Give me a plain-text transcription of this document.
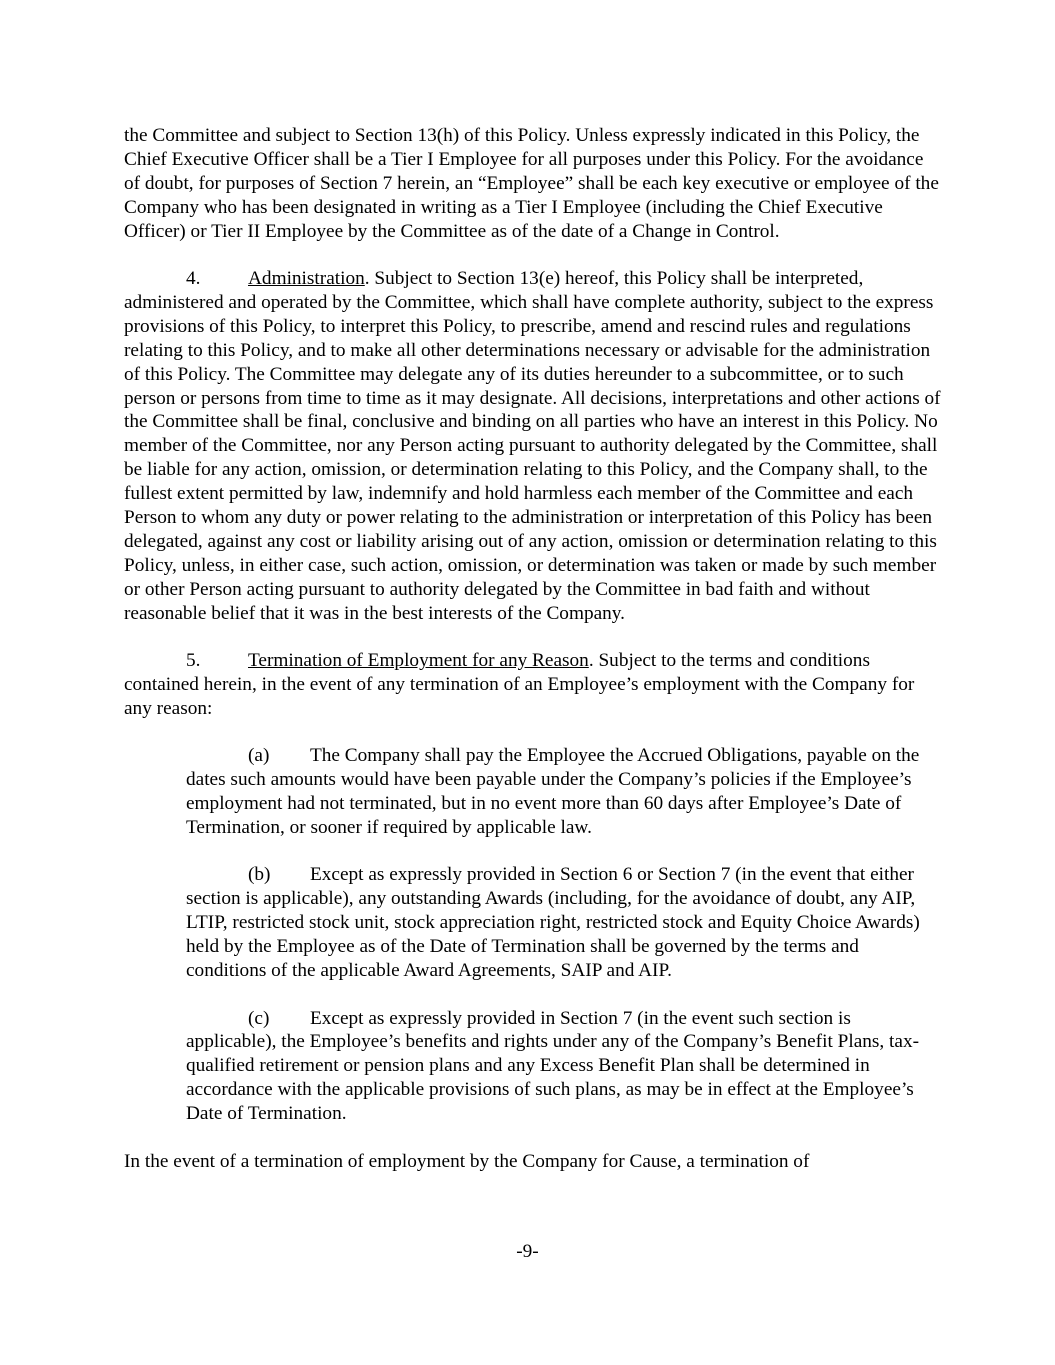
the Committee and subject to Section 13(h) of this Policy. Unless expressly indicated in this Policy, the Chief Executive Officer shall be a Tier I Employee for all purposes under this Policy. For the avoidance of doubt, for purposes of Section 7 herein, an “Employee” shall be each key executive or employee of the Company who has been designated in writing as a Tier I Employee (including the Chief Executive Officer) or Tier II Employee by the Committee as of the date of a Change in Control.

4. Administration. Subject to Section 13(e) hereof, this Policy shall be interpreted, administered and operated by the Committee, which shall have complete authority, subject to the express provisions of this Policy, to interpret this Policy, to prescribe, amend and rescind rules and regulations relating to this Policy, and to make all other determinations necessary or advisable for the administration of this Policy. The Committee may delegate any of its duties hereunder to a subcommittee, or to such person or persons from time to time as it may designate. All decisions, interpretations and other actions of the Committee shall be final, conclusive and binding on all parties who have an interest in this Policy. No member of the Committee, nor any Person acting pursuant to authority delegated by the Committee, shall be liable for any action, omission, or determination relating to this Policy, and the Company shall, to the fullest extent permitted by law, indemnify and hold harmless each member of the Committee and each Person to whom any duty or power relating to the administration or interpretation of this Policy has been delegated, against any cost or liability arising out of any action, omission or determination relating to this Policy, unless, in either case, such action, omission, or determination was taken or made by such member or other Person acting pursuant to authority delegated by the Committee in bad faith and without reasonable belief that it was in the best interests of the Company.

5. Termination of Employment for any Reason. Subject to the terms and conditions contained herein, in the event of any termination of an Employee’s employment with the Company for any reason:

(a) The Company shall pay the Employee the Accrued Obligations, payable on the dates such amounts would have been payable under the Company’s policies if the Employee’s employment had not terminated, but in no event more than 60 days after Employee’s Date of Termination, or sooner if required by applicable law.

(b) Except as expressly provided in Section 6 or Section 7 (in the event that either section is applicable), any outstanding Awards (including, for the avoidance of doubt, any AIP, LTIP, restricted stock unit, stock appreciation right, restricted stock and Equity Choice Awards) held by the Employee as of the Date of Termination shall be governed by the terms and conditions of the applicable Award Agreements, SAIP and AIP.

(c) Except as expressly provided in Section 7 (in the event such section is applicable), the Employee’s benefits and rights under any of the Company’s Benefit Plans, tax-qualified retirement or pension plans and any Excess Benefit Plan shall be determined in accordance with the applicable provisions of such plans, as may be in effect at the Employee’s Date of Termination.

In the event of a termination of employment by the Company for Cause, a termination of

-9-
